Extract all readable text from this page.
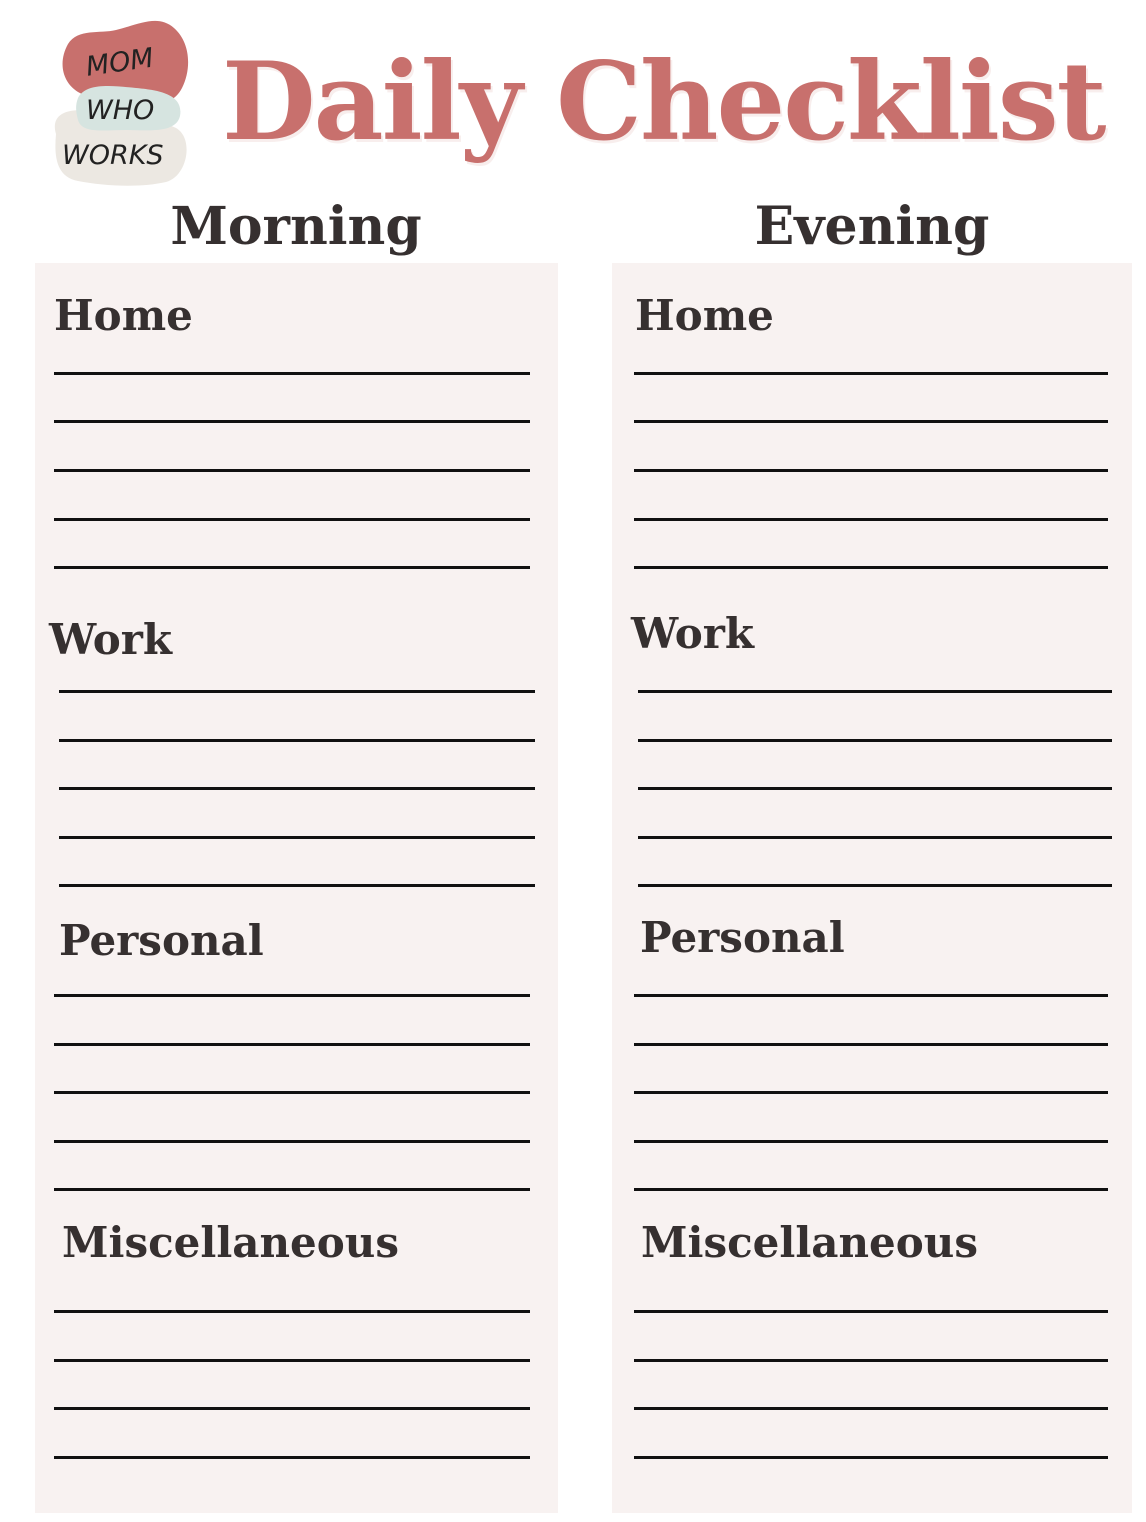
MOM
WHO
WORKS Daily Checklist
Morning	Evening
Home
Work
Personal
Miscellaneous
Home
Work
Personal
Miscellaneous
